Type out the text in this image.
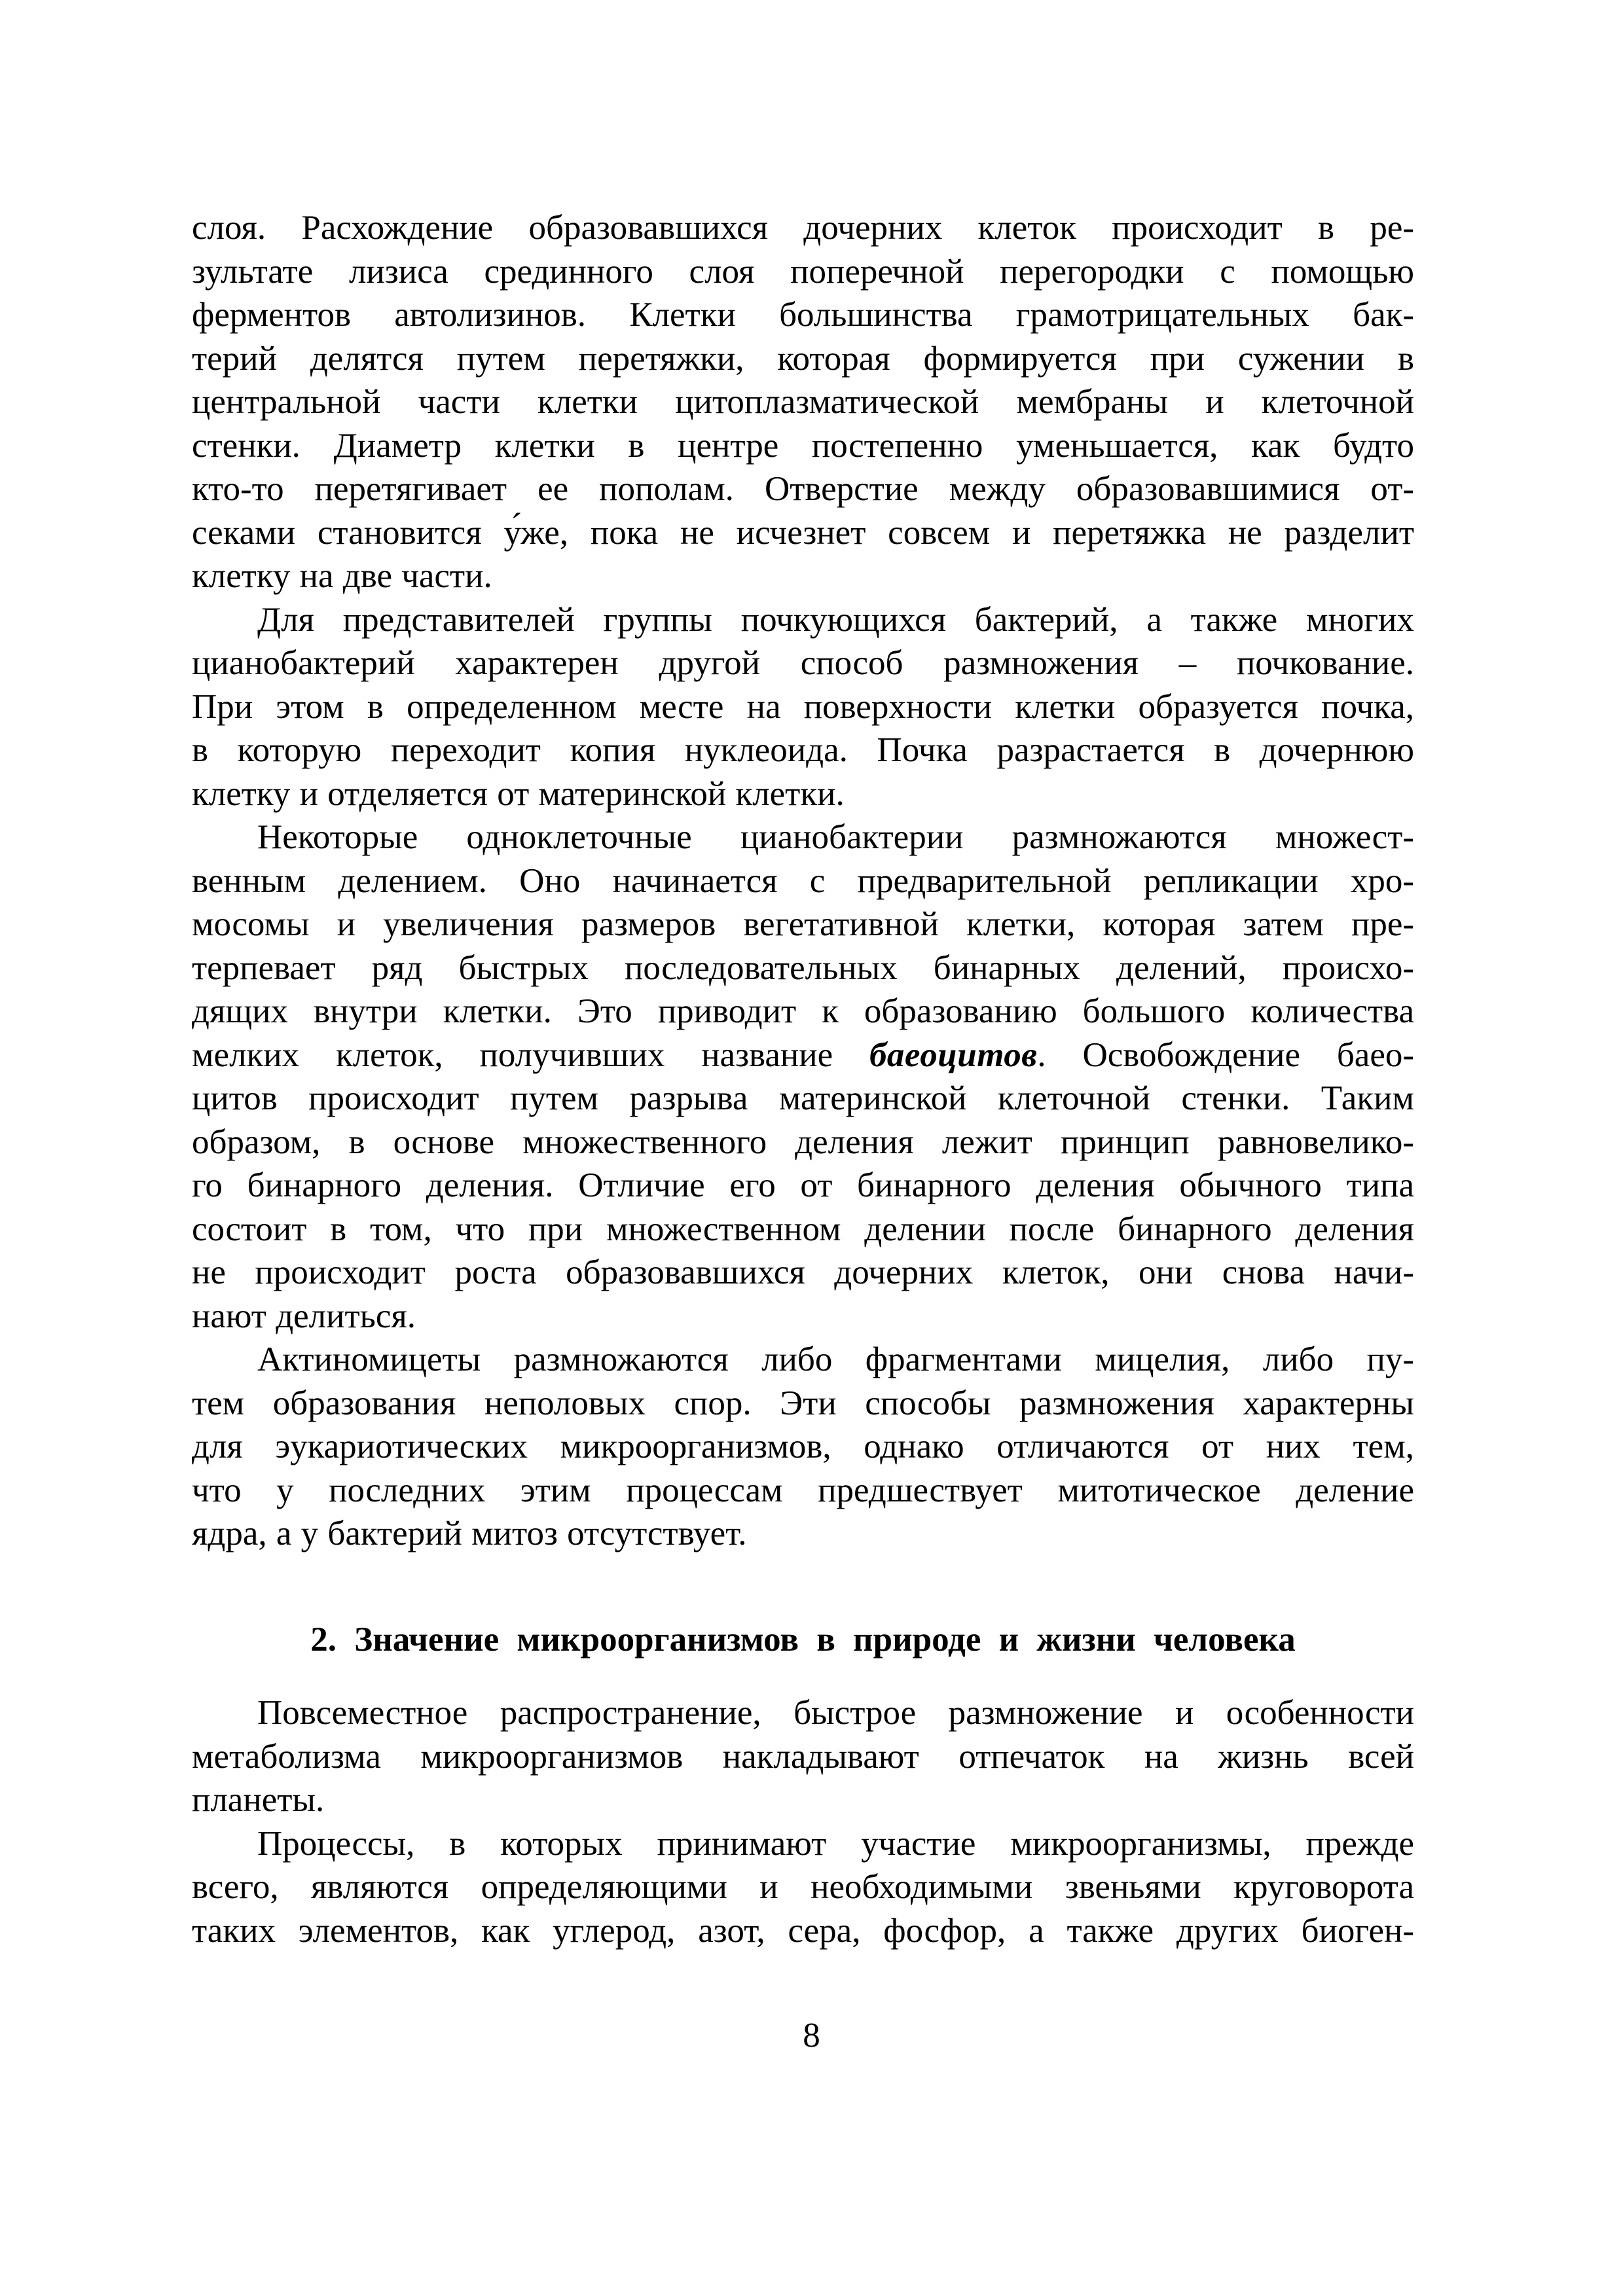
слоя. Расхождение образовавшихся дочерних клеток происходит в ре-
зультате лизиса срединного слоя поперечной перегородки с помощью
ферментов автолизинов. Клетки большинства грамотрицательных бак-
терий делятся путем перетяжки, которая формируется при сужении в
центральной части клетки цитоплазматической мембраны и клеточной
стенки. Диаметр клетки в центре постепенно уменьшается, как будто
кто-то перетягивает ее пополам. Отверстие между образовавшимися от-
секами становится у́же, пока не исчезнет совсем и перетяжка не разделит
клетку на две части.
Для представителей группы почкующихся бактерий, а также многих
цианобактерий характерен другой способ размножения – почкование.
При этом в определенном месте на поверхности клетки образуется почка,
в которую переходит копия нуклеоида. Почка разрастается в дочернюю
клетку и отделяется от материнской клетки.
Некоторые одноклеточные цианобактерии размножаются множест-
венным делением. Оно начинается с предварительной репликации хро-
мосомы и увеличения размеров вегетативной клетки, которая затем пре-
терпевает ряд быстрых последовательных бинарных делений, происхо-
дящих внутри клетки. Это приводит к образованию большого количества
мелких клеток, получивших название баеоцитов. Освобождение баео-
цитов происходит путем разрыва материнской клеточной стенки. Таким
образом, в основе множественного деления лежит принцип равновелико-
го бинарного деления. Отличие его от бинарного деления обычного типа
состоит в том, что при множественном делении после бинарного деления
не происходит роста образовавшихся дочерних клеток, они снова начи-
нают делиться.
Актиномицеты размножаются либо фрагментами мицелия, либо пу-
тем образования неполовых спор. Эти способы размножения характерны
для эукариотических микроорганизмов, однако отличаются от них тем,
что у последних этим процессам предшествует митотическое деление
ядра, а у бактерий митоз отсутствует.
2. Значение микроорганизмов в природе и жизни человека
Повсеместное распространение, быстрое размножение и особенности
метаболизма микроорганизмов накладывают отпечаток на жизнь всей
планеты.
Процессы, в которых принимают участие микроорганизмы, прежде
всего, являются определяющими и необходимыми звеньями круговорота
таких элементов, как углерод, азот, сера, фосфор, а также других биоген-
8
